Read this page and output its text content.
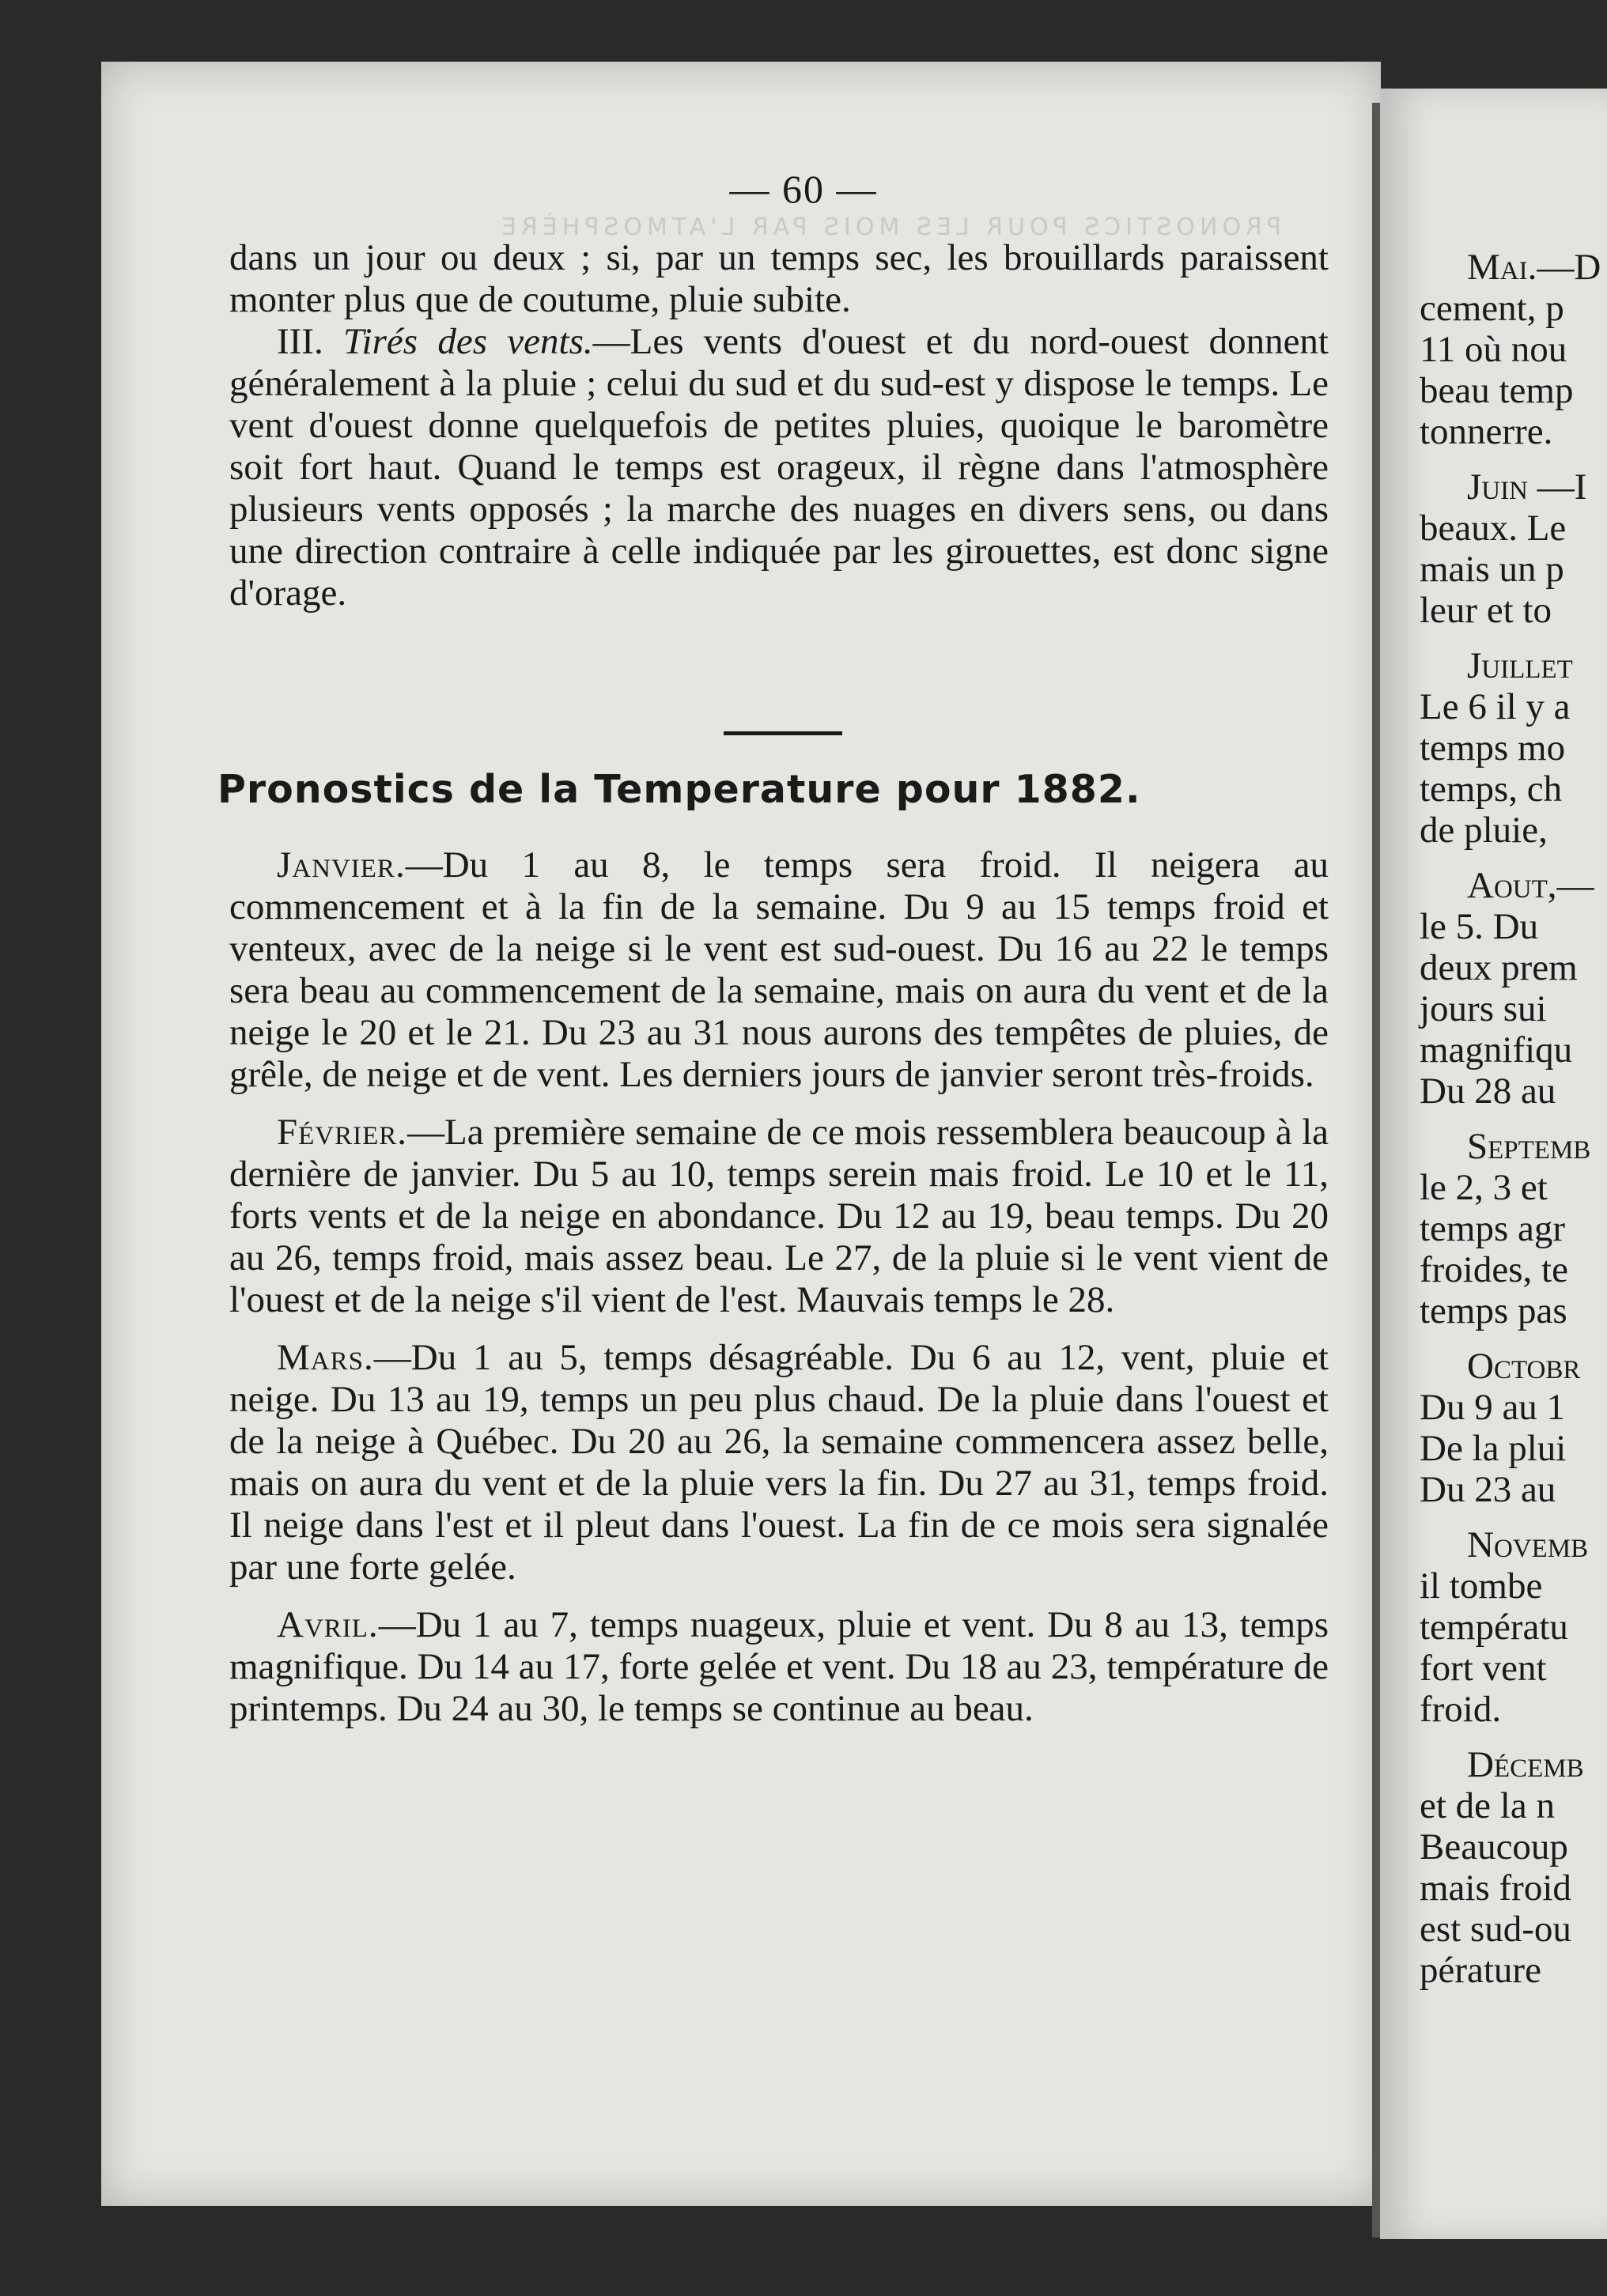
Mai.—D
cement, p
11 où nou
beau temp
tonnerre.
Juin —I
beaux. Le
mais un p
leur et to
Juillet
Le 6 il y a
temps mo
temps, ch
de pluie,
Aout,—
le 5. Du
deux prem
jours sui
magnifiqu
Du 28 au
Septemb
le 2, 3 et
temps agr
froides, te
temps pas
Octobr
Du 9 au 1
De la plui
Du 23 au
Novemb
il tombe
températu
fort vent
froid.
Décemb
et de la n
Beaucoup
mais froid
est sud-ou
pérature
PRONOSTICS POUR LES MOIS PAR L'ATMOSPHÈRE
— 60 —

dans un jour ou deux ; si, par un temps sec, les brouillards paraissent monter plus que de coutume, pluie subite.

III. Tirés des vents.—Les vents d'ouest et du nord-ouest donnent généralement à la pluie ; celui du sud et du sud-est y dispose le temps. Le vent d'ouest donne quelquefois de petites pluies, quoique le baromètre soit fort haut. Quand le temps est orageux, il règne dans l'atmosphère plusieurs vents opposés ; la marche des nuages en divers sens, ou dans une direction contraire à celle indiquée par les girouettes, est donc signe d'orage.

Pronostics de la Temperature pour 1882.

Janvier.—Du 1 au 8, le temps sera froid. Il neigera au commencement et à la fin de la semaine. Du 9 au 15 temps froid et venteux, avec de la neige si le vent est sud-ouest. Du 16 au 22 le temps sera beau au commencement de la semaine, mais on aura du vent et de la neige le 20 et le 21. Du 23 au 31 nous aurons des tempêtes de pluies, de grêle, de neige et de vent. Les derniers jours de janvier seront très-froids.

Février.—La première semaine de ce mois ressemblera beaucoup à la dernière de janvier. Du 5 au 10, temps serein mais froid. Le 10 et le 11, forts vents et de la neige en abondance. Du 12 au 19, beau temps. Du 20 au 26, temps froid, mais assez beau. Le 27, de la pluie si le vent vient de l'ouest et de la neige s'il vient de l'est. Mauvais temps le 28.

Mars.—Du 1 au 5, temps désagréable. Du 6 au 12, vent, pluie et neige. Du 13 au 19, temps un peu plus chaud. De la pluie dans l'ouest et de la neige à Québec. Du 20 au 26, la semaine commencera assez belle, mais on aura du vent et de la pluie vers la fin. Du 27 au 31, temps froid. Il neige dans l'est et il pleut dans l'ouest. La fin de ce mois sera signalée par une forte gelée.

Avril.—Du 1 au 7, temps nuageux, pluie et vent. Du 8 au 13, temps magnifique. Du 14 au 17, forte gelée et vent. Du 18 au 23, température de printemps. Du 24 au 30, le temps se continue au beau.
